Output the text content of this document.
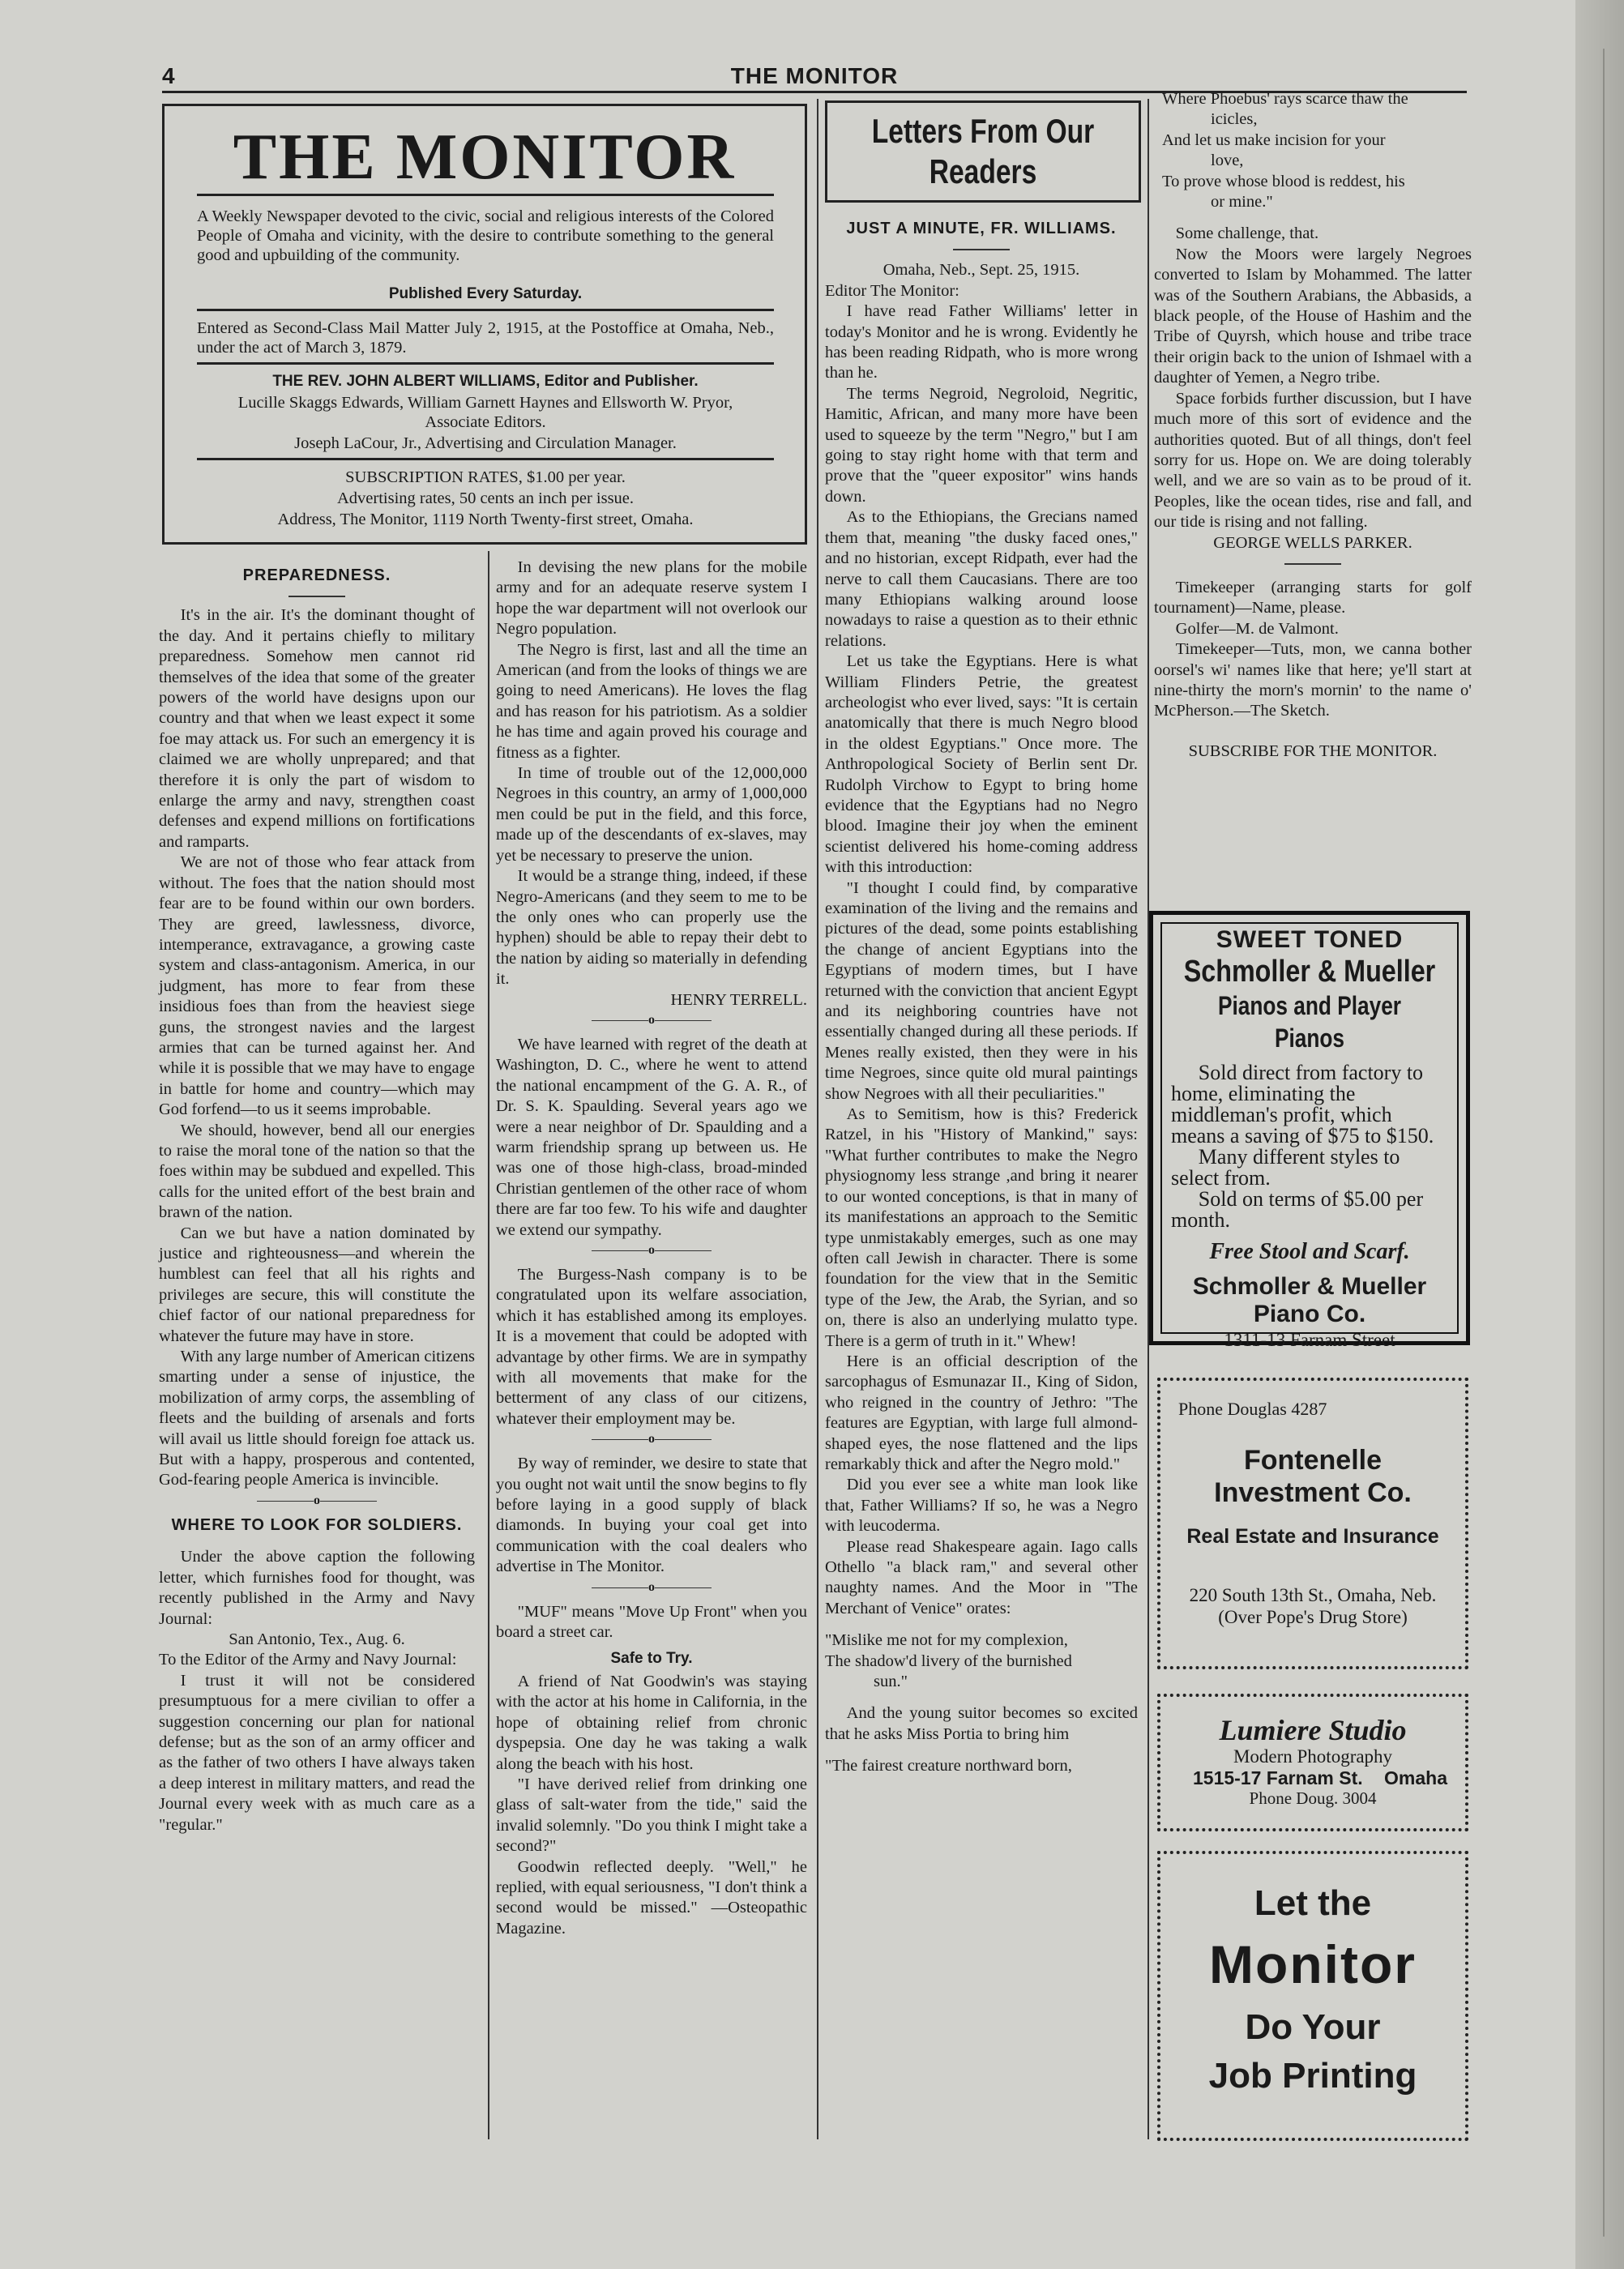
4	THE MONITOR
THE MONITOR
A Weekly Newspaper devoted to the civic, social and religious interests of the Colored People of Omaha and vicinity, with the desire to contribute something to the general good and upbuilding of the community.
Published Every Saturday.
Entered as Second-Class Mail Matter July 2, 1915, at the Postoffice at Omaha, Neb., under the act of March 3, 1879.
THE REV. JOHN ALBERT WILLIAMS, Editor and Publisher.
Lucille Skaggs Edwards, William Garnett Haynes and Ellsworth W. Pryor, Associate Editors.
Joseph LaCour, Jr., Advertising and Circulation Manager.
SUBSCRIPTION RATES, $1.00 per year.
Advertising rates, 50 cents an inch per issue.
Address, The Monitor, 1119 North Twenty-first street, Omaha.
PREPAREDNESS.

It's in the air. It's the dominant thought of the day. And it pertains chiefly to military preparedness. Somehow men cannot rid themselves of the idea that some of the greater powers of the world have designs upon our country and that when we least expect it some foe may attack us. For such an emergency it is claimed we are wholly unprepared; and that therefore it is only the part of wisdom to enlarge the army and navy, strengthen coast defenses and expend millions on fortifications and ramparts.

We are not of those who fear attack from without. The foes that the nation should most fear are to be found within our own borders. They are greed, lawlessness, divorce, intemperance, extravagance, a growing caste system and class-antagonism. America, in our judgment, has more to fear from these insidious foes than from the heaviest siege guns, the strongest navies and the largest armies that can be turned against her. And while it is possible that we may have to engage in battle for home and country—which may God forfend—to us it seems improbable.

We should, however, bend all our energies to raise the moral tone of the nation so that the foes within may be subdued and expelled. This calls for the united effort of the best brain and brawn of the nation.

Can we but have a nation dominated by justice and righteousness—and wherein the humblest can feel that all his rights and privileges are secure, this will constitute the chief factor of our national preparedness for whatever the future may have in store.

With any large number of American citizens smarting under a sense of injustice, the mobilization of army corps, the assembling of fleets and the building of arsenals and forts will avail us little should foreign foe attack us. But with a happy, prosperous and contented, God-fearing people America is invincible.

o
WHERE TO LOOK FOR SOLDIERS.

Under the above caption the following letter, which furnishes food for thought, was recently published in the Army and Navy Journal:

San Antonio, Tex., Aug. 6.

To the Editor of the Army and Navy Journal:

I trust it will not be considered presumptuous for a mere civilian to offer a suggestion concerning our plan for national defense; but as the son of an army officer and as the father of two others I have always taken a deep interest in military matters, and read the Journal every week with as much care as a "regular."

In devising the new plans for the mobile army and for an adequate reserve system I hope the war department will not overlook our Negro population.

The Negro is first, last and all the time an American (and from the looks of things we are going to need Americans). He loves the flag and has reason for his patriotism. As a soldier he has time and again proved his courage and fitness as a fighter.

In time of trouble out of the 12,000,000 Negroes in this country, an army of 1,000,000 men could be put in the field, and this force, made up of the descendants of ex-slaves, may yet be necessary to preserve the union.

It would be a strange thing, indeed, if these Negro-Americans (and they seem to me to be the only ones who can properly use the hyphen) should be able to repay their debt to the nation by aiding so materially in defending it.

HENRY TERRELL.

o

We have learned with regret of the death at Washington, D. C., where he went to attend the national encampment of the G. A. R., of Dr. S. K. Spaulding. Several years ago we were a near neighbor of Dr. Spaulding and a warm friendship sprang up between us. He was one of those high-class, broad-minded Christian gentlemen of the other race of whom there are far too few. To his wife and daughter we extend our sympathy.

o

The Burgess-Nash company is to be congratulated upon its welfare association, which it has established among its employes. It is a movement that could be adopted with advantage by other firms. We are in sympathy with all movements that make for the betterment of any class of our citizens, whatever their employment may be.

o

By way of reminder, we desire to state that you ought not wait until the snow begins to fly before laying in a good supply of black diamonds. In buying your coal get into communication with the coal dealers who advertise in The Monitor.

o

"MUF" means "Move Up Front" when you board a street car.

Safe to Try.

A friend of Nat Goodwin's was staying with the actor at his home in California, in the hope of obtaining relief from chronic dyspepsia. One day he was taking a walk along the beach with his host.

"I have derived relief from drinking one glass of salt-water from the tide," said the invalid solemnly. "Do you think I might take a second?"

Goodwin reflected deeply. "Well," he replied, with equal seriousness, "I don't think a second would be missed." —Osteopathic Magazine.

Letters From Our
Readers
JUST A MINUTE, FR. WILLIAMS.

Omaha, Neb., Sept. 25, 1915.

Editor The Monitor:

I have read Father Williams' letter in today's Monitor and he is wrong. Evidently he has been reading Ridpath, who is more wrong than he.

The terms Negroid, Negroloid, Negritic, Hamitic, African, and many more have been used to squeeze by the term "Negro," but I am going to stay right home with that term and prove that the "queer expositor" wins hands down.

As to the Ethiopians, the Grecians named them that, meaning "the dusky faced ones," and no historian, except Ridpath, ever had the nerve to call them Caucasians. There are too many Ethiopians walking around loose nowadays to raise a question as to their ethnic relations.

Let us take the Egyptians. Here is what William Flinders Petrie, the greatest archeologist who ever lived, says: "It is certain anatomically that there is much Negro blood in the oldest Egyptians." Once more. The Anthropological Society of Berlin sent Dr. Rudolph Virchow to Egypt to bring home evidence that the Egyptians had no Negro blood. Imagine their joy when the eminent scientist delivered his home-coming address with this introduction:

"I thought I could find, by comparative examination of the living and the remains and pictures of the dead, some points establishing the change of ancient Egyptians into the Egyptians of modern times, but I have returned with the conviction that ancient Egypt and its neighboring countries have not essentially changed during all these periods. If Menes really existed, then they were in his time Negroes, since quite old mural paintings show Negroes with all their peculiarities."

As to Semitism, how is this? Frederick Ratzel, in his "History of Mankind," says: "What further contributes to make the Negro physiognomy less strange ,and bring it nearer to our wonted conceptions, is that in many of its manifestations an approach to the Semitic type unmistakably emerges, such as one may often call Jewish in character. There is some foundation for the view that in the Semitic type of the Jew, the Arab, the Syrian, and so on, there is also an underlying mulatto type. There is a germ of truth in it." Whew!

Here is an official description of the sarcophagus of Esmunazar II., King of Sidon, who reigned in the country of Jethro: "The features are Egyptian, with large full almond-shaped eyes, the nose flattened and the lips remarkably thick and after the Negro mold."

Did you ever see a white man look like that, Father Williams? If so, he was a Negro with leucoderma.

Please read Shakespeare again. Iago calls Othello "a black ram," and several other naughty names. And the Moor in "The Merchant of Venice" orates:

"Mislike me not for my complexion,

The shadow'd livery of the burnished

sun."

And the young suitor becomes so excited that he asks Miss Portia to bring him

"The fairest creature northward born,

Where Phoebus' rays scarce thaw the

icicles,

And let us make incision for your

love,

To prove whose blood is reddest, his

or mine."

Some challenge, that.

Now the Moors were largely Negroes converted to Islam by Mohammed. The latter was of the Southern Arabians, the Abbasids, a black people, of the House of Hashim and the Tribe of Quyrsh, which house and tribe trace their origin back to the union of Ishmael with a daughter of Yemen, a Negro tribe.

Space forbids further discussion, but I have much more of this sort of evidence and the authorities quoted. But of all things, don't feel sorry for us. Hope on. We are doing tolerably well, and we are so vain as to be proud of it. Peoples, like the ocean tides, rise and fall, and our tide is rising and not falling.

GEORGE WELLS PARKER.

Timekeeper (arranging starts for golf tournament)—Name, please.

Golfer—M. de Valmont.

Timekeeper—Tuts, mon, we canna bother oorsel's wi' names like that here; ye'll start at nine-thirty the morn's mornin' to the name o' McPherson.—The Sketch.

SUBSCRIBE FOR THE MONITOR.

SWEET TONED
Schmoller & Mueller
Pianos and Player Pianos

Sold direct from factory to home, eliminating the middleman's profit, which means a saving of $75 to $150.

Many different styles to select from.

Sold on terms of $5.00 per month.

Free Stool and Scarf.
Schmoller & Mueller
Piano Co.
1311-13 Farnam Street
Phone Douglas 4287
Fontenelle
Investment Co.
Real Estate and Insurance
220 South 13th St., Omaha, Neb.
(Over Pope's Drug Store)
Lumiere Studio
Modern Photography
1515-17 Farnam St. Omaha
Phone Doug. 3004
Let the
Monitor
Do Your
Job Printing
